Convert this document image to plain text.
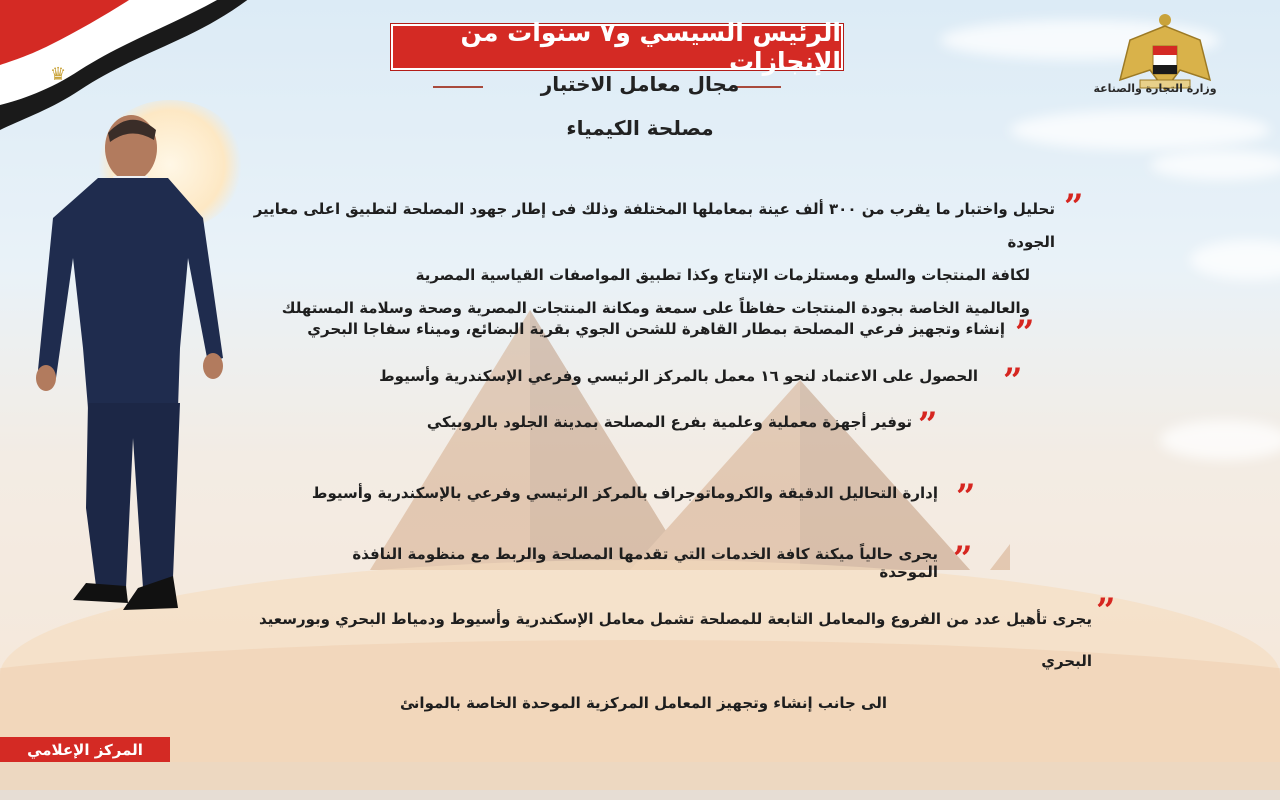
♛
وزارة التجارة والصناعة
الرئيس السيسي و٧ سنوات من الإنجازات
مجال معامل الاختبار
مصلحة الكيمياء
”
تحليل واختبار ما يقرب من ٣٠٠ ألف عينة بمعاملها المختلفة وذلك فى إطار جهود المصلحة لتطبيق اعلى معايير الجودة
لكافة المنتجات والسلع ومستلزمات الإنتاج وكذا تطبيق المواصفات القياسية المصرية
والعالمية الخاصة بجودة المنتجات حفاظاً على سمعة ومكانة المنتجات المصرية وصحة وسلامة المستهلك
”
إنشاء وتجهيز فرعي المصلحة بمطار القاهرة للشحن الجوي بقرية البضائع، وميناء سفاجا البحري
”
الحصول على الاعتماد لنحو ١٦ معمل بالمركز الرئيسي وفرعي الإسكندرية وأسيوط
”
توفير أجهزة معملية وعلمية بفرع المصلحة بمدينة الجلود بالروبيكي
”
إدارة التحاليل الدقيقة والكروماتوجراف بالمركز الرئيسي وفرعي بالإسكندرية وأسيوط
”
يجرى حالياً ميكنة كافة الخدمات التي تقدمها المصلحة والربط مع منظومة النافذة الموحدة
”
يجرى تأهيل عدد من الفروع والمعامل التابعة للمصلحة تشمل معامل الإسكندرية وأسيوط ودمياط البحري وبورسعيد البحري
الى جانب إنشاء وتجهيز المعامل المركزية الموحدة الخاصة بالموانئ
المركز الإعلامي
